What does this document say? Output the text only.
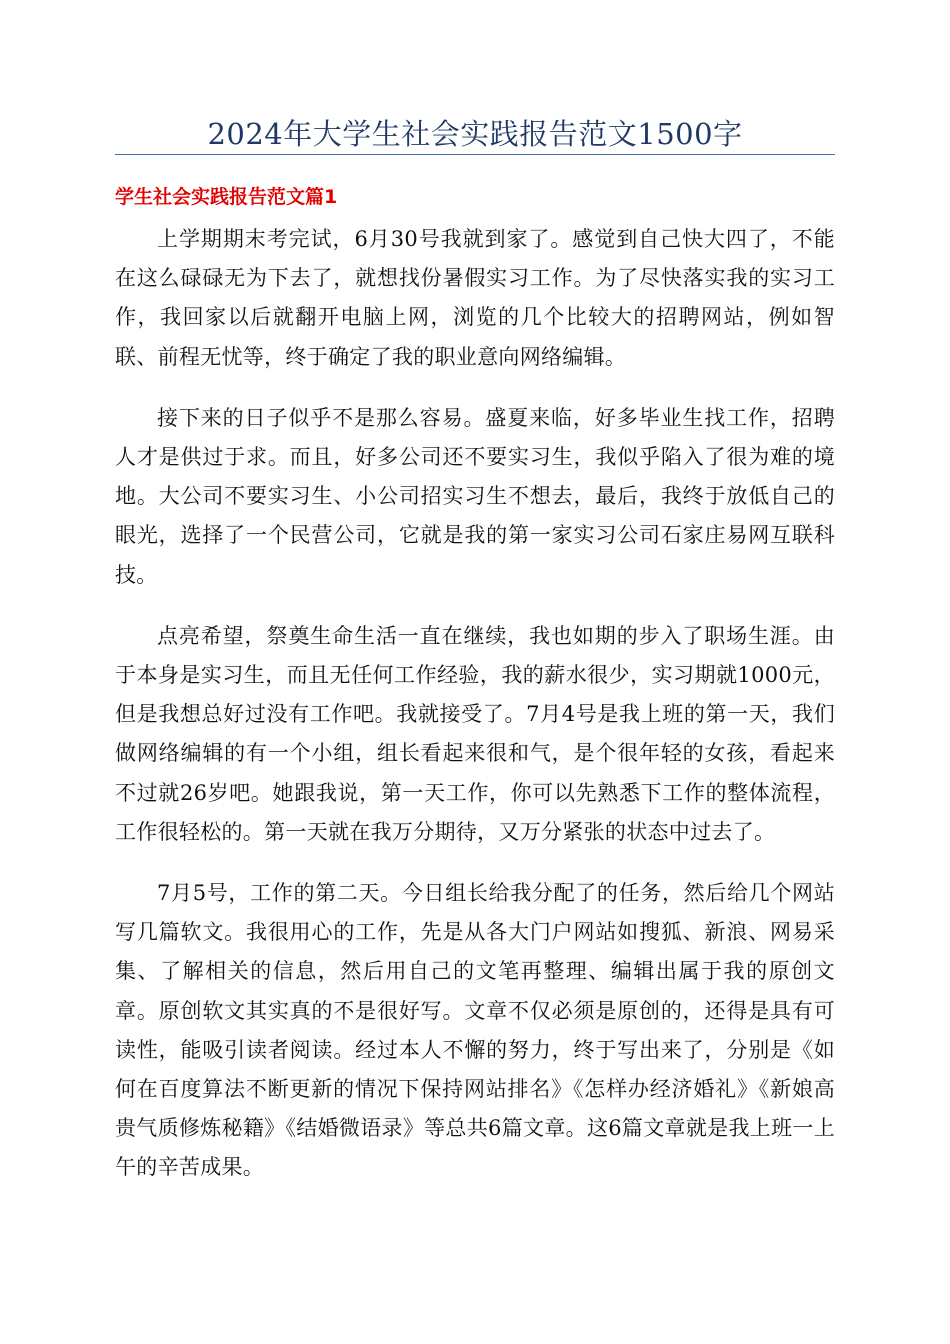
2024年大学生社会实践报告范文1500字
学生社会实践报告范文篇1

上学期期末考完试，6月30号我就到家了。感觉到自己快大四了，不能在这么碌碌无为下去了，就想找份暑假实习工作。为了尽快落实我的实习工作，我回家以后就翻开电脑上网，浏览的几个比较大的招聘网站，例如智联、前程无忧等，终于确定了我的职业意向网络编辑。

接下来的日子似乎不是那么容易。盛夏来临，好多毕业生找工作，招聘人才是供过于求。而且，好多公司还不要实习生，我似乎陷入了很为难的境地。大公司不要实习生、小公司招实习生不想去，最后，我终于放低自己的眼光，选择了一个民营公司，它就是我的第一家实习公司石家庄易网互联科技。

点亮希望，祭奠生命生活一直在继续，我也如期的步入了职场生涯。由于本身是实习生，而且无任何工作经验，我的薪水很少，实习期就1000元，但是我想总好过没有工作吧。我就接受了。7月4号是我上班的第一天，我们做网络编辑的有一个小组，组长看起来很和气，是个很年轻的女孩，看起来不过就26岁吧。她跟我说，第一天工作，你可以先熟悉下工作的整体流程，工作很轻松的。第一天就在我万分期待，又万分紧张的状态中过去了。

7月5号，工作的第二天。今日组长给我分配了的任务，然后给几个网站写几篇软文。我很用心的工作，先是从各大门户网站如搜狐、新浪、网易采集、了解相关的信息，然后用自己的文笔再整理、编辑出属于我的原创文章。原创软文其实真的不是很好写。文章不仅必须是原创的，还得是具有可读性，能吸引读者阅读。经过本人不懈的努力，终于写出来了，分别是《如何在百度算法不断更新的情况下保持网站排名》《怎样办经济婚礼》《新娘高贵气质修炼秘籍》《结婚微语录》等总共6篇文章。这6篇文章就是我上班一上午的辛苦成果。
